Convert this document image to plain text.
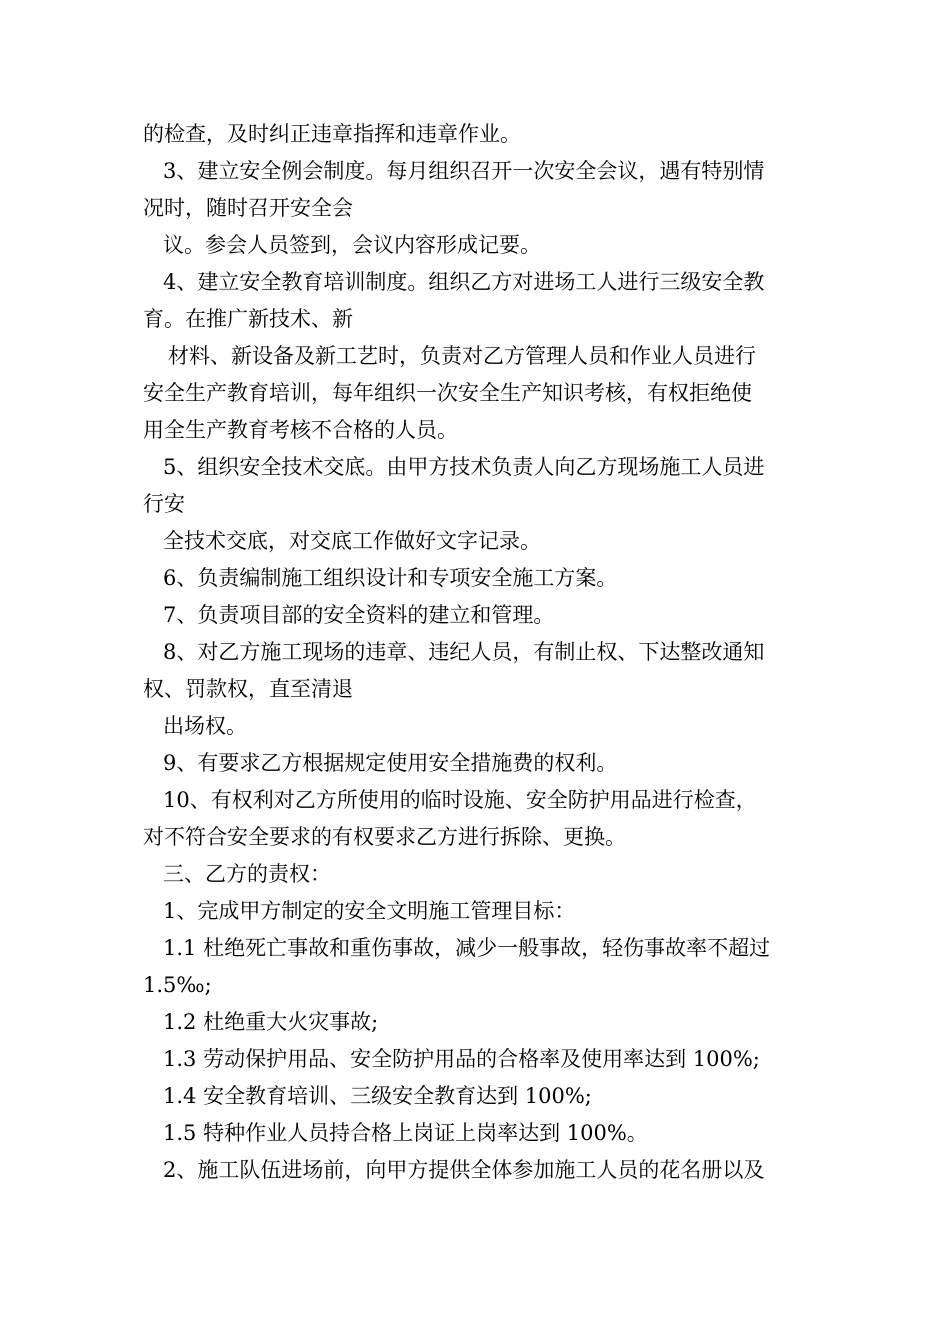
的检查，及时纠正违章指挥和违章作业。

3、建立安全例会制度。每月组织召开一次安全会议，遇有特别情

况时，随时召开安全会

议。参会人员签到，会议内容形成记要。

4、建立安全教育培训制度。组织乙方对进场工人进行三级安全教

育。在推广新技术、新

材料、新设备及新工艺时，负责对乙方管理人员和作业人员进行

安全生产教育培训，每年组织一次安全生产知识考核，有权拒绝使

用全生产教育考核不合格的人员。

5、组织安全技术交底。由甲方技术负责人向乙方现场施工人员进

行安

全技术交底，对交底工作做好文字记录。

6、负责编制施工组织设计和专项安全施工方案。

7、负责项目部的安全资料的建立和管理。

8、对乙方施工现场的违章、违纪人员，有制止权、下达整改通知

权、罚款权，直至清退

出场权。

9、有要求乙方根据规定使用安全措施费的权利。

10、有权利对乙方所使用的临时设施、安全防护用品进行检查，

对不符合安全要求的有权要求乙方进行拆除、更换。

三、乙方的责权：

1、完成甲方制定的安全文明施工管理目标：

1.1 杜绝死亡事故和重伤事故，减少一般事故，轻伤事故率不超过

1.5‰;

1.2 杜绝重大火灾事故;

1.3 劳动保护用品、安全防护用品的合格率及使用率达到 100%;

1.4 安全教育培训、三级安全教育达到 100%;

1.5 特种作业人员持合格上岗证上岗率达到 100%。

2、施工队伍进场前，向甲方提供全体参加施工人员的花名册以及
